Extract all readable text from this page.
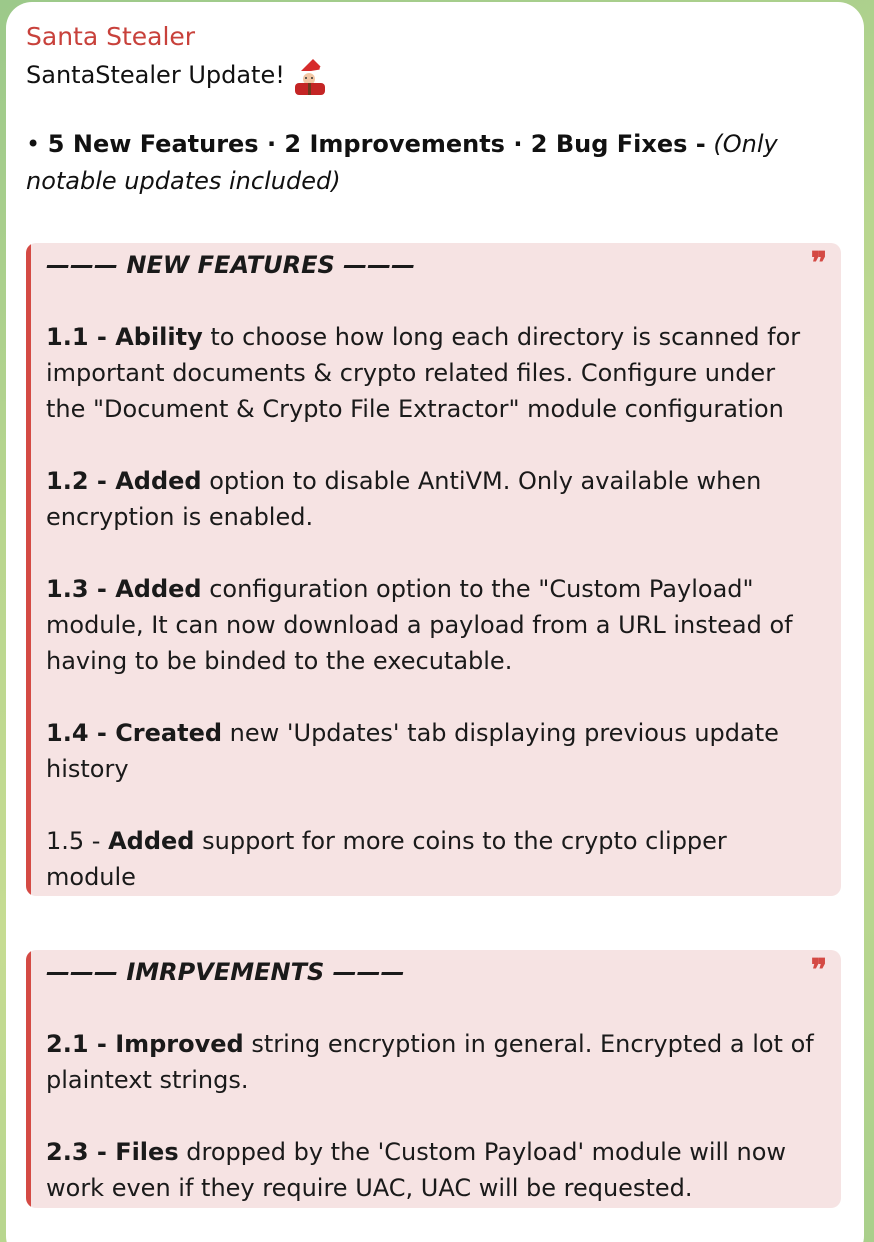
Santa Stealer
SantaStealer Update!
• 5 New Features · 2 Improvements · 2 Bug Fixes - (Only notable updates included)
❞
——— NEW FEATURES ———
1.1 - Ability to choose how long each directory is scanned for important documents & crypto related files. Configure under the "Document & Crypto File Extractor" module configuration
1.2 - Added option to disable AntiVM. Only available when encryption is enabled.
1.3 - Added configuration option to the "Custom Payload" module, It can now download a payload from a URL instead of having to be binded to the executable.
1.4 - Created new 'Updates' tab displaying previous update history
1.5 - Added support for more coins to the crypto clipper module
❞
——— IMRPVEMENTS ———
2.1 - Improved string encryption in general. Encrypted a lot of plaintext strings.
2.3 - Files dropped by the 'Custom Payload' module will now work even if they require UAC, UAC will be requested.
